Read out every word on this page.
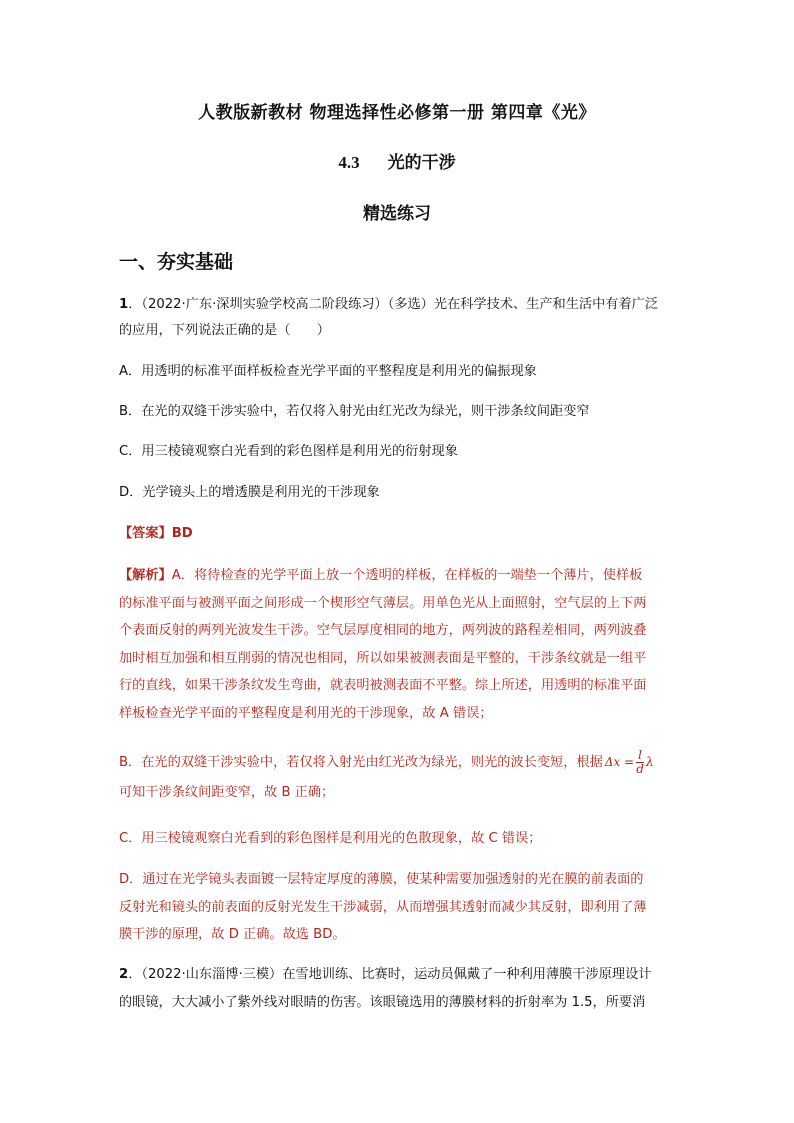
人教版新教材 物理选择性必修第一册 第四章《光》
4.3 光的干涉
精选练习
一、夯实基础
1．（2022·广东·深圳实验学校高二阶段练习）（多选）光在科学技术、生产和生活中有着广泛
的应用，下列说法正确的是（　　）
A．用透明的标准平面样板检查光学平面的平整程度是利用光的偏振现象
B．在光的双缝干涉实验中，若仅将入射光由红光改为绿光，则干涉条纹间距变窄
C．用三棱镜观察白光看到的彩色图样是利用光的衍射现象
D．光学镜头上的增透膜是利用光的干涉现象
【答案】BD
【解析】A．将待检查的光学平面上放一个透明的样板，在样板的一端垫一个薄片，使样板
的标准平面与被测平面之间形成一个楔形空气薄层。用单色光从上面照射，空气层的上下两
个表面反射的两列光波发生干涉。空气层厚度相同的地方，两列波的路程差相同，两列波叠
加时相互加强和相互削弱的情况也相同，所以如果被测表面是平整的，干涉条纹就是一组平
行的直线，如果干涉条纹发生弯曲，就表明被测表面不平整。综上所述，用透明的标准平面
样板检查光学平面的平整程度是利用光的干涉现象，故 A 错误；
B．在光的双缝干涉实验中，若仅将入射光由红光改为绿光，则光的波长变短，根据 $\Delta x = \frac{l}{d}$ λ
可知干涉条纹间距变窄，故 B 正确；
C．用三棱镜观察白光看到的彩色图样是利用光的色散现象，故 C 错误；
D．通过在光学镜头表面镀一层特定厚度的薄膜，使某种需要加强透射的光在膜的前表面的
反射光和镜头的前表面的反射光发生干涉减弱，从而增强其透射而减少其反射，即利用了薄
膜干涉的原理，故 D 正确。故选 BD。
2．（2022·山东淄博·三模）在雪地训练、比赛时，运动员佩戴了一种利用薄膜干涉原理设计
的眼镜，大大减小了紫外线对眼睛的伤害。该眼镜选用的薄膜材料的折射率为 1.5，所要消
